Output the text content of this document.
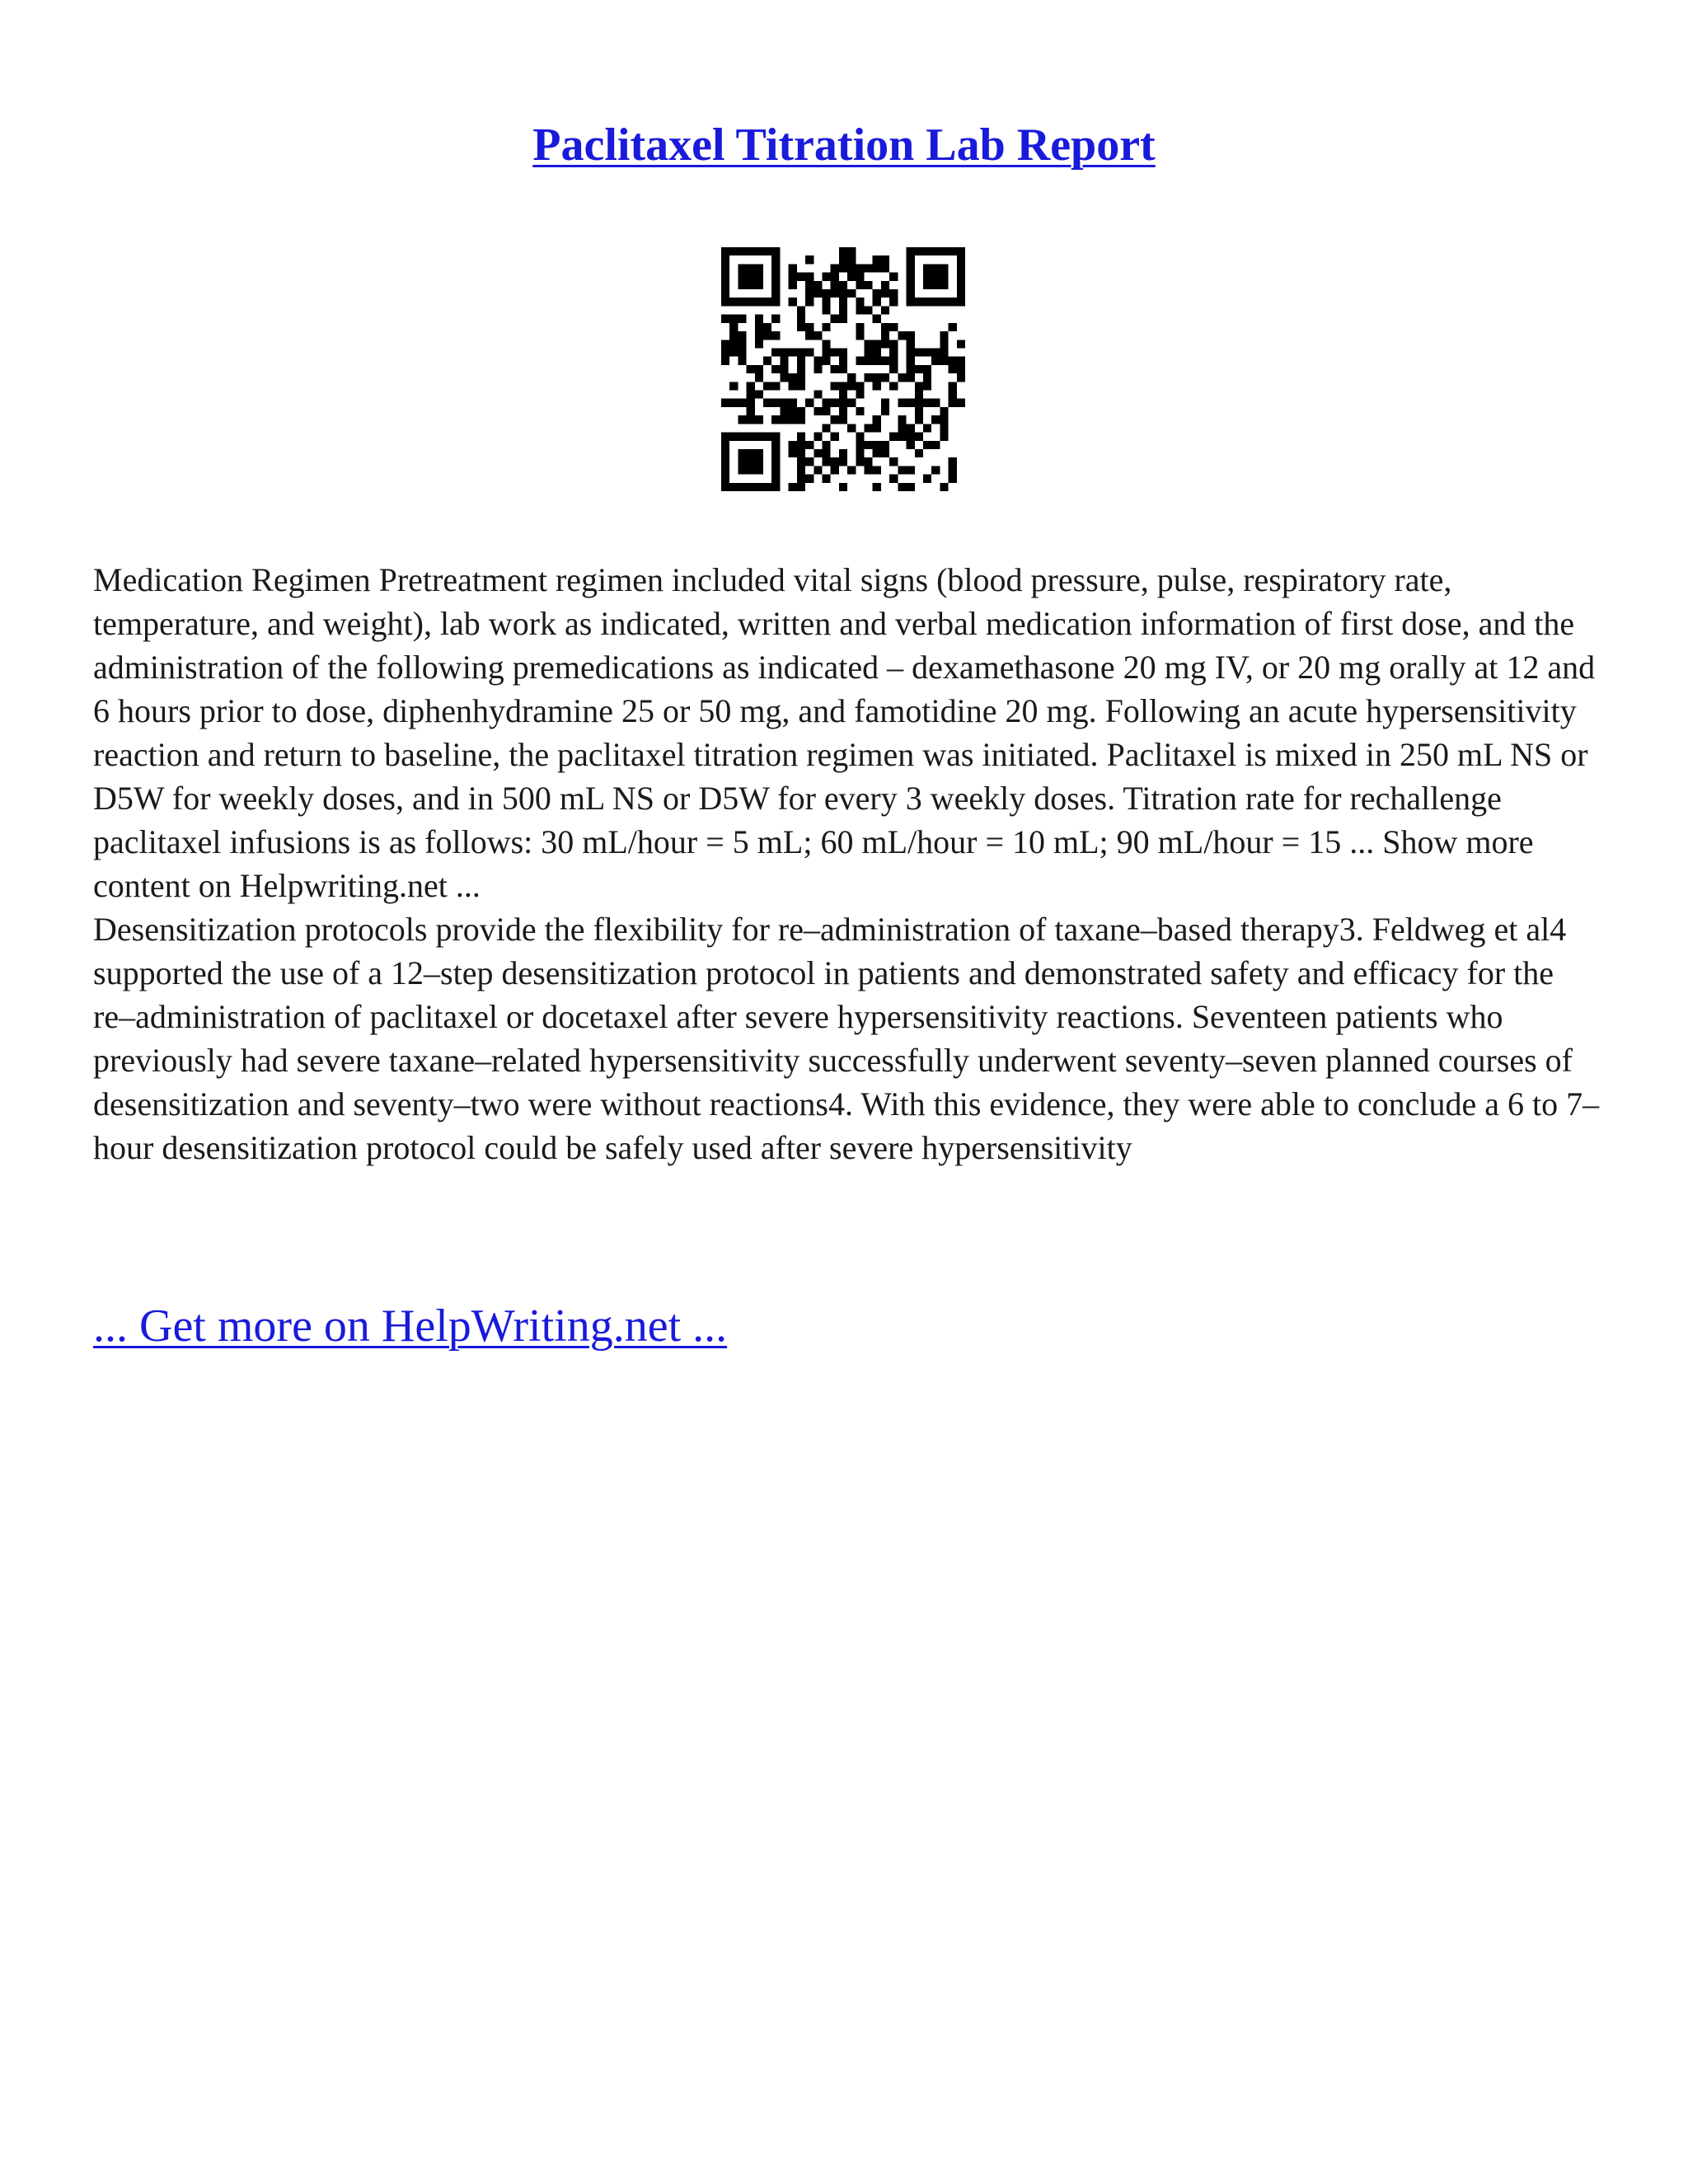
Paclitaxel Titration Lab Report

Medication Regimen Pretreatment regimen included vital signs (blood pressure, pulse, respiratory rate, temperature, and weight), lab work as indicated, written and verbal medication information of first dose, and the administration of the following premedications as indicated – dexamethasone 20 mg IV, or 20 mg orally at 12 and 6 hours prior to dose, diphenhydramine 25 or 50 mg, and famotidine 20 mg. Following an acute hypersensitivity reaction and return to baseline, the paclitaxel titration regimen was initiated. Paclitaxel is mixed in 250 mL NS or D5W for weekly doses, and in 500 mL NS or D5W for every 3 weekly doses. Titration rate for rechallenge paclitaxel infusions is as follows: 30 mL/hour = 5 mL; 60 mL/hour = 10 mL; 90 mL/hour = 15 ... Show more content on Helpwriting.net ...

Desensitization protocols provide the flexibility for re–administration of taxane–based therapy3. Feldweg et al4 supported the use of a 12–step desensitization protocol in patients and demonstrated safety and efficacy for the re–administration of paclitaxel or docetaxel after severe hypersensitivity reactions. Seventeen patients who previously had severe taxane–related hypersensitivity successfully underwent seventy–seven planned courses of desensitization and seventy–two were without reactions4. With this evidence, they were able to conclude a 6 to 7–hour desensitization protocol could be safely used after severe hypersensitivity

... Get more on HelpWriting.net ...
